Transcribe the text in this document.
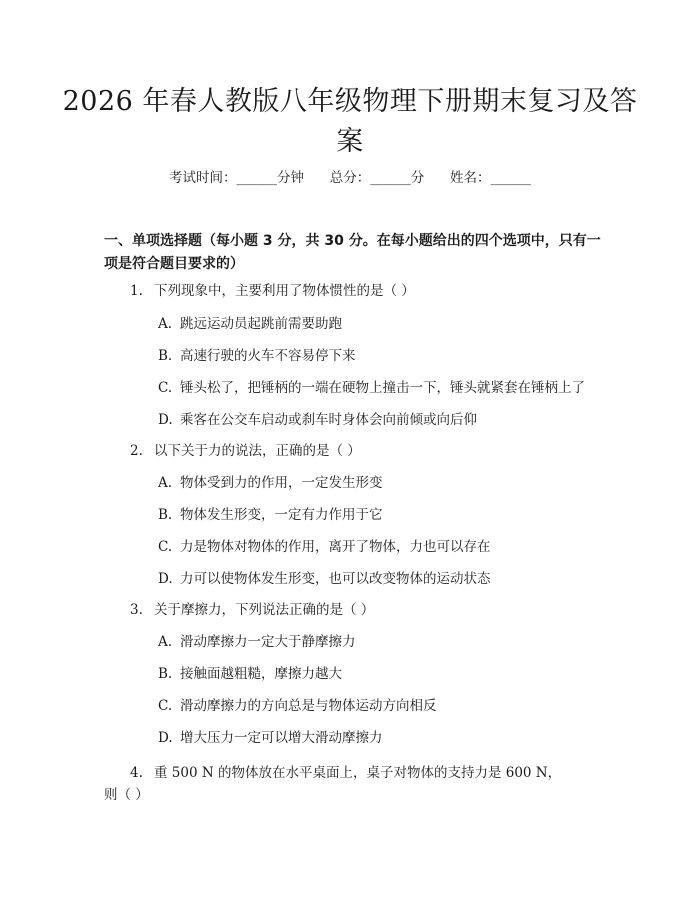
2026 年春人教版八年级物理下册期末复习及答案
考试时间：______分钟      总分：______分      姓名：______
一、单项选择题（每小题 3 分，共 30 分。在每小题给出的四个选项中，只有一项是符合题目要求的）
1. 下列现象中，主要利用了物体惯性的是（ ）
A. 跳远运动员起跳前需要助跑
B. 高速行驶的火车不容易停下来
C. 锤头松了，把锤柄的一端在硬物上撞击一下，锤头就紧套在锤柄上了
D. 乘客在公交车启动或刹车时身体会向前倾或向后仰
2. 以下关于力的说法，正确的是（ ）
A. 物体受到力的作用，一定发生形变
B. 物体发生形变，一定有力作用于它
C. 力是物体对物体的作用，离开了物体，力也可以存在
D. 力可以使物体发生形变，也可以改变物体的运动状态
3. 关于摩擦力，下列说法正确的是（ ）
A. 滑动摩擦力一定大于静摩擦力
B. 接触面越粗糙，摩擦力越大
C. 滑动摩擦力的方向总是与物体运动方向相反
D. 增大压力一定可以增大滑动摩擦力
4. 重 500 N 的物体放在水平桌面上，桌子对物体的支持力是 600 N，则（ ）
